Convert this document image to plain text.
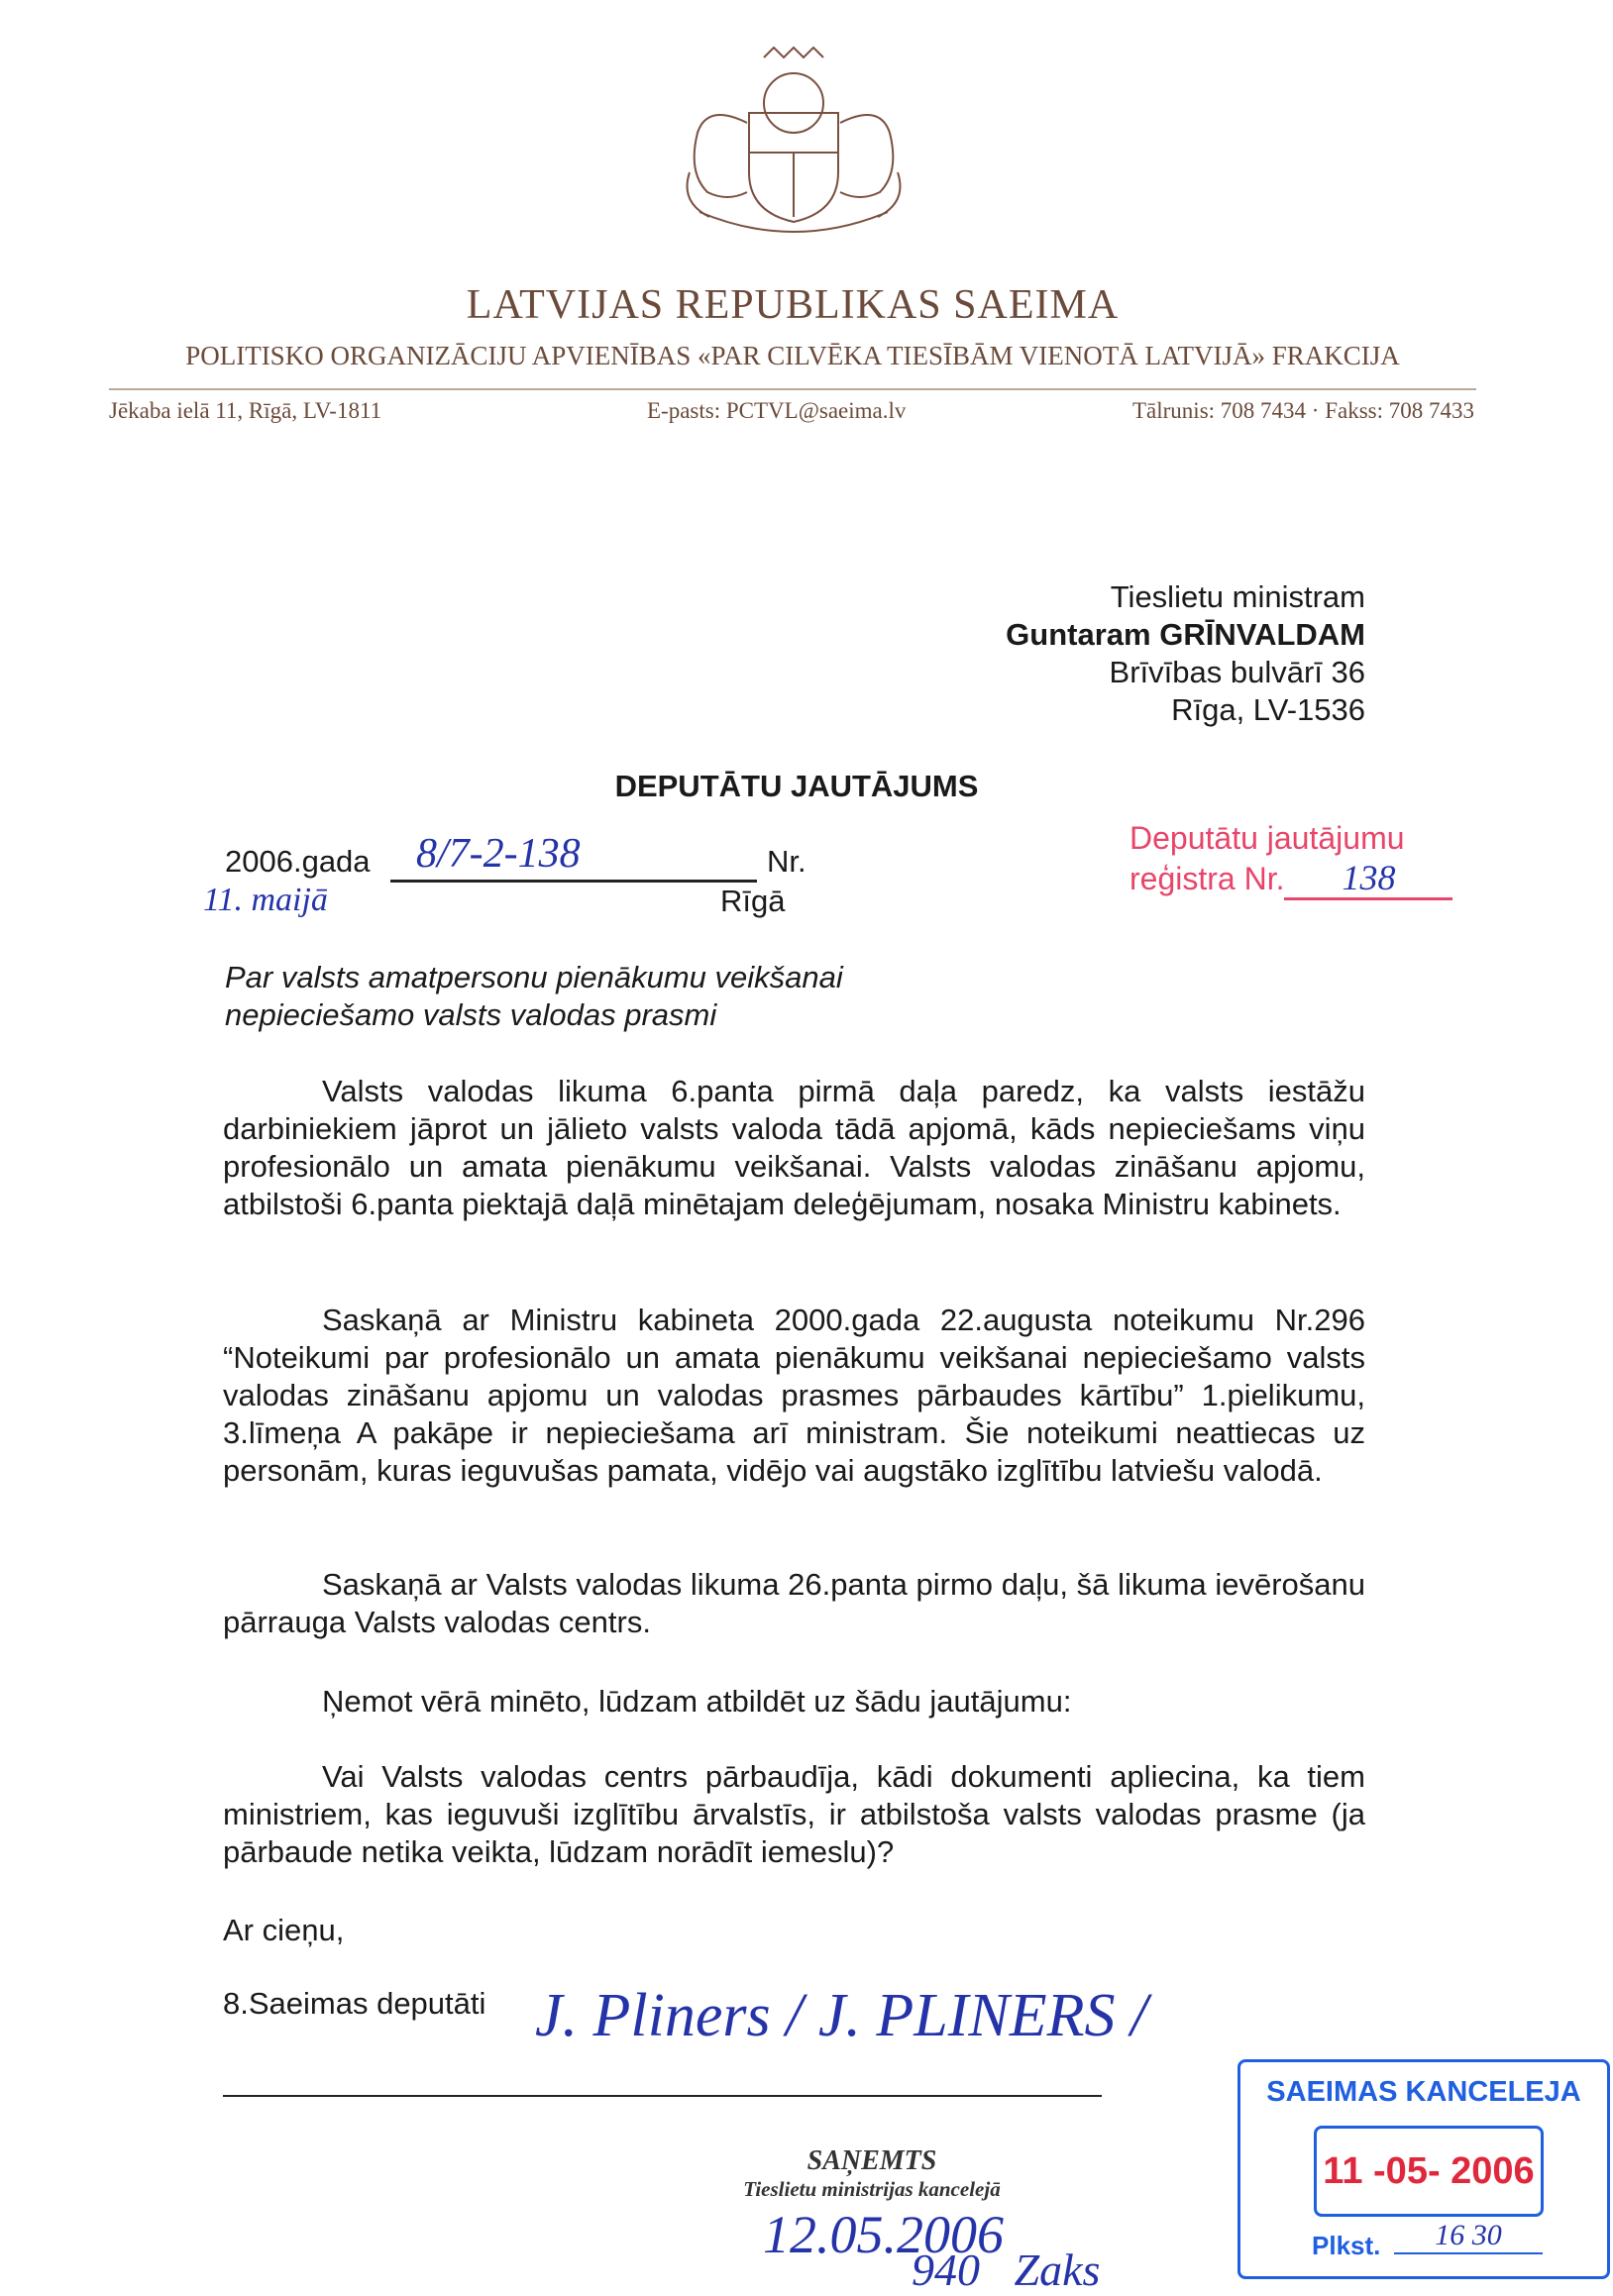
LATVIJAS REPUBLIKAS SAEIMA
POLITISKO ORGANIZĀCIJU APVIENĪBAS «PAR CILVĒKA TIESĪBĀM VIENOTĀ LATVIJĀ» FRAKCIJA
Jēkaba ielā 11, Rīgā, LV-1811	E-pasts: PCTVL@saeima.lv	Tālrunis: 708 7434 · Fakss: 708 7433
Tieslietu ministram
Guntaram GRĪNVALDAM
Brīvības bulvārī 36
Rīga, LV-1536
DEPUTĀTU JAUTĀJUMS
2006.gada 8/7-2-138	Nr.
11. maijā	Rīgā
Deputātu jautājumu
reģistra Nr. 138
Par valsts amatpersonu pienākumu veikšanai
nepieciešamo valsts valodas prasmi
Valsts valodas likuma 6.panta pirmā daļa paredz, ka valsts iestāžu darbiniekiem jāprot un jālieto valsts valoda tādā apjomā, kāds nepieciešams viņu profesionālo un amata pienākumu veikšanai. Valsts valodas zināšanu apjomu, atbilstoši 6.panta piektajā daļā minētajam deleģējumam, nosaka Ministru kabinets.
Saskaņā ar Ministru kabineta 2000.gada 22.augusta noteikumu Nr.296 “Noteikumi par profesionālo un amata pienākumu veikšanai nepieciešamo valsts valodas zināšanu apjomu un valodas prasmes pārbaudes kārtību” 1.pielikumu, 3.līmeņa A pakāpe ir nepieciešama arī ministram. Šie noteikumi neattiecas uz personām, kuras ieguvušas pamata, vidējo vai augstāko izglītību latviešu valodā.
Saskaņā ar Valsts valodas likuma 26.panta pirmo daļu, šā likuma ievērošanu pārrauga Valsts valodas centrs.
Ņemot vērā minēto, lūdzam atbildēt uz šādu jautājumu:
Vai Valsts valodas centrs pārbaudīja, kādi dokumenti apliecina, ka tiem ministriem, kas ieguvuši izglītību ārvalstīs, ir atbilstoša valsts valodas prasme (ja pārbaude netika veikta, lūdzam norādīt iemeslu)?
Ar cieņu,
8.Saeimas deputāti J. Pliners / J. PLINERS /
SAŅEMTS
Tieslietu ministrijas kancelejā
12.05.2006
940   Zaks
SAEIMAS KANCELEJA
11 -05- 2006
Plkst.	16 30
